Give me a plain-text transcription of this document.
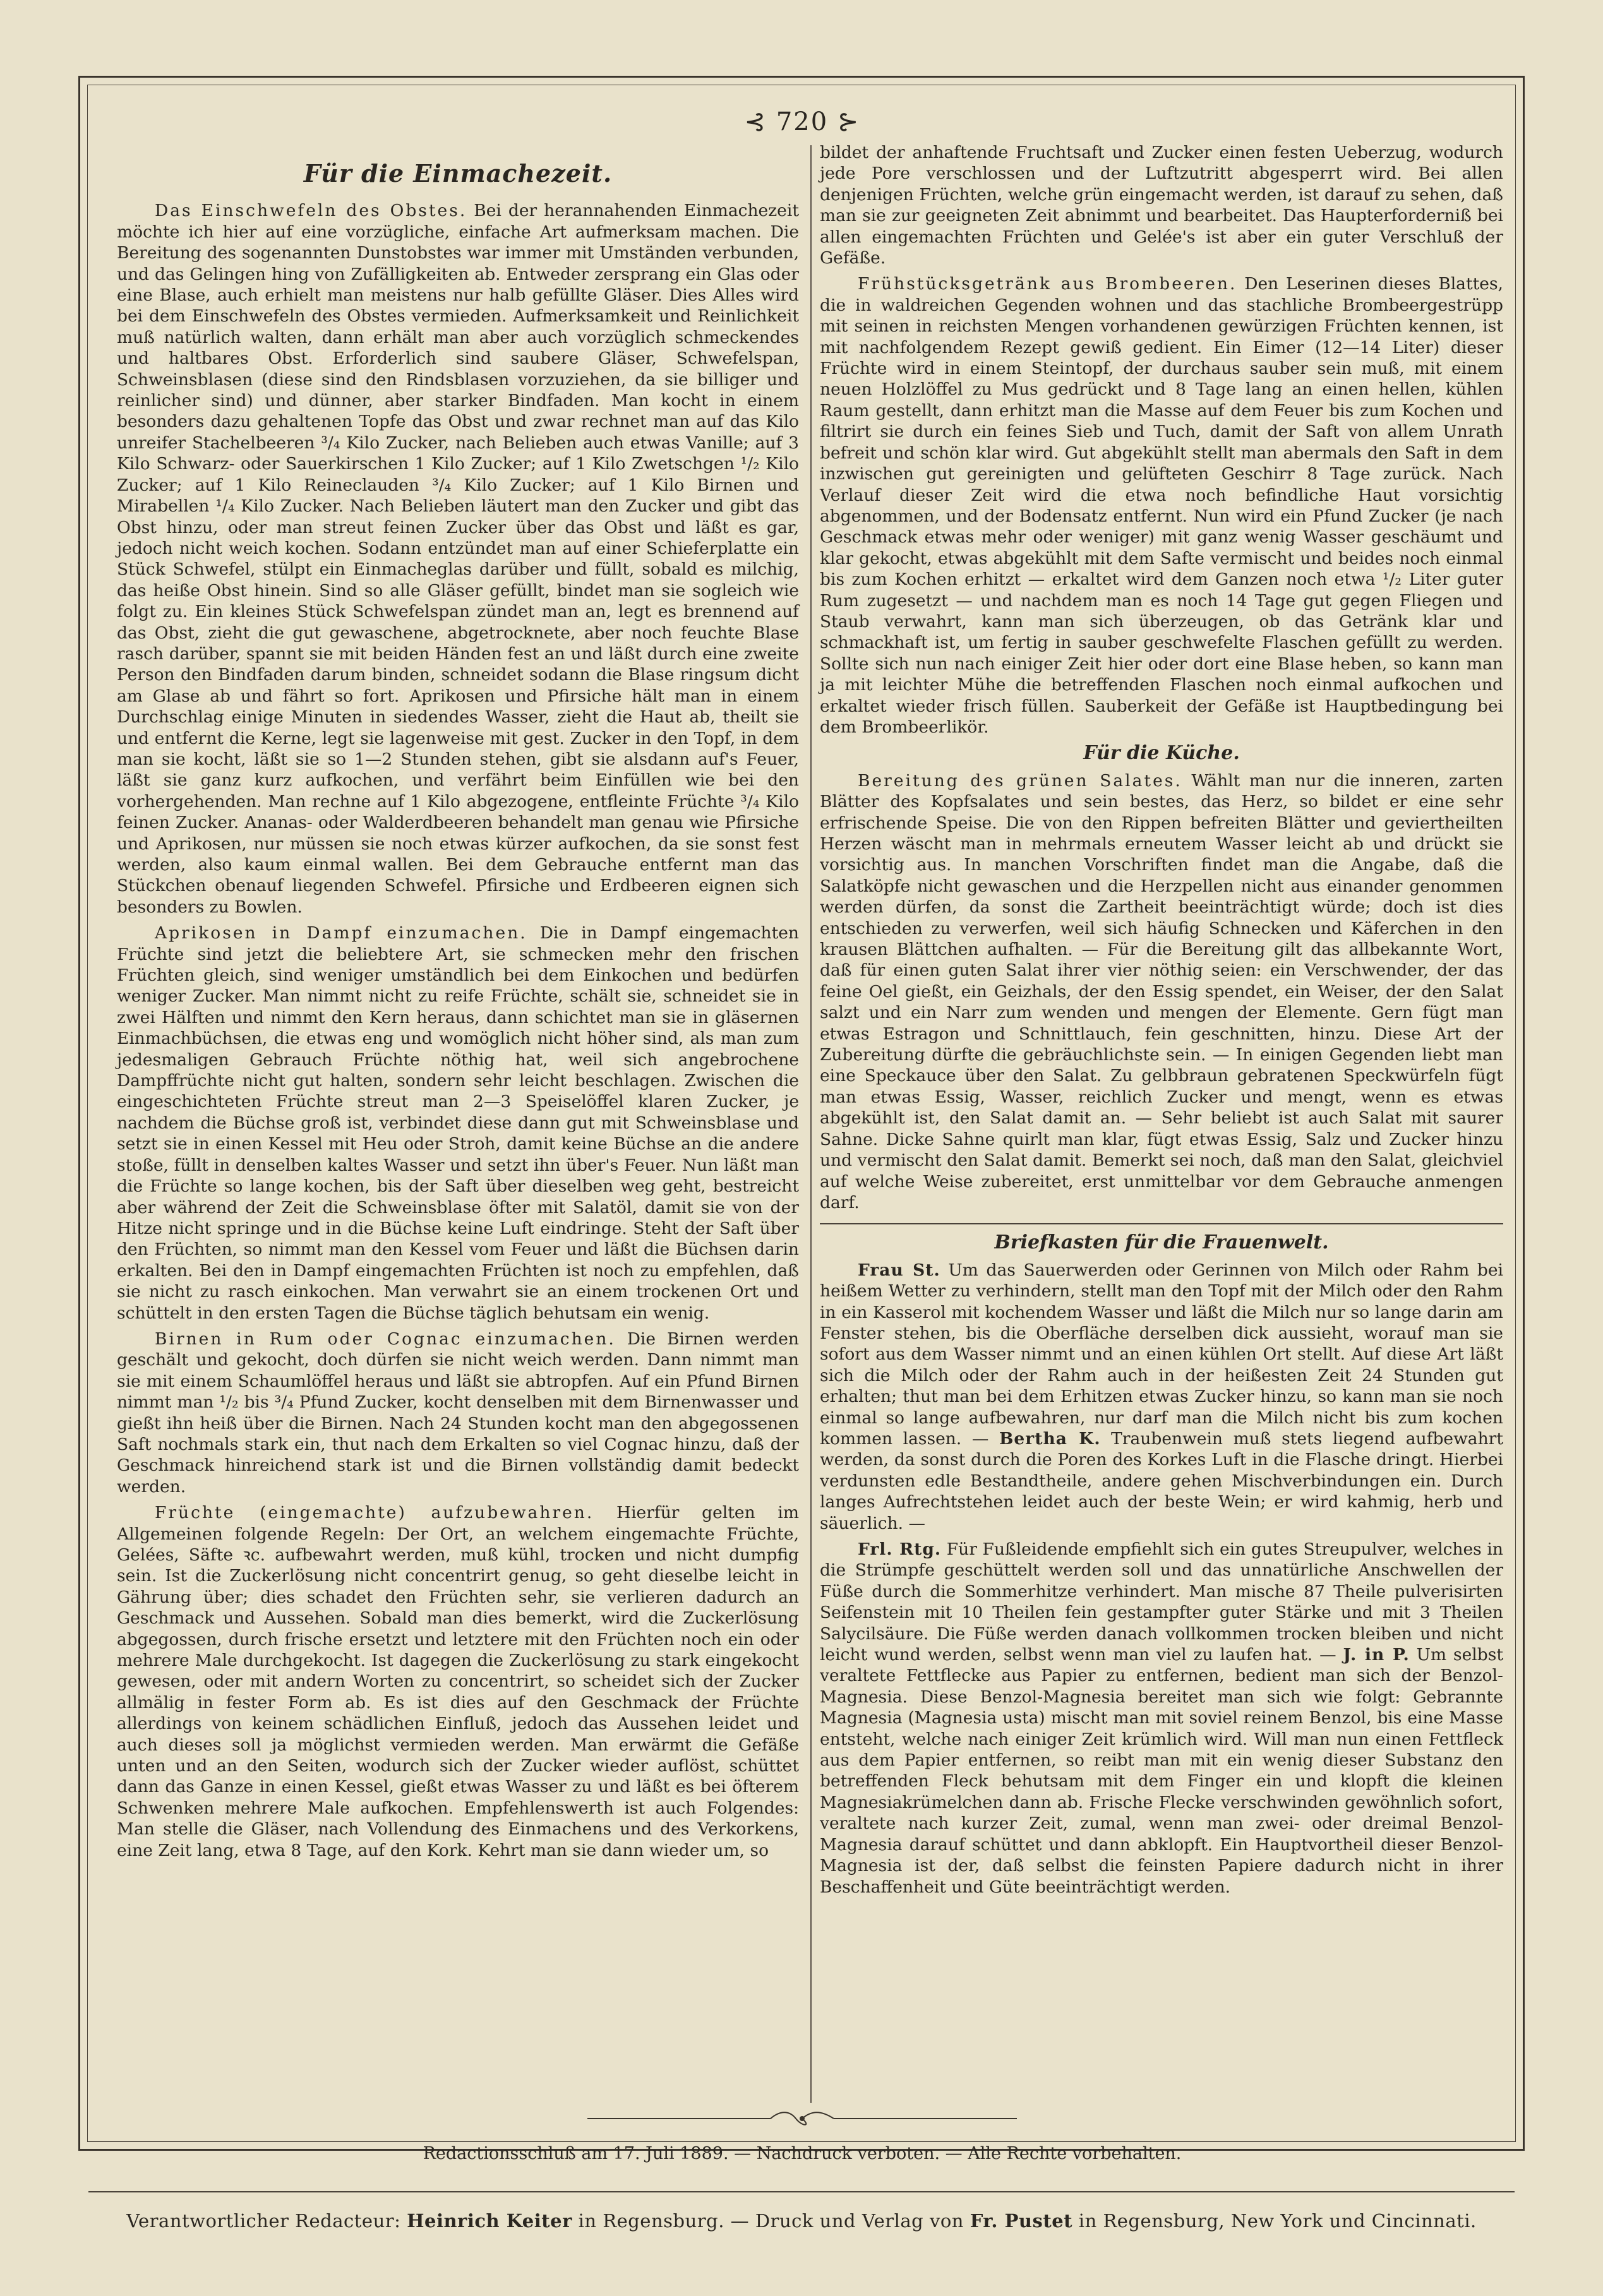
⊰ 720 ⊱
Für die Einmachezeit.

Das Einschwefeln des Obstes. Bei der herannahenden Einmachezeit möchte ich hier auf eine vorzügliche, einfache Art aufmerksam machen. Die Bereitung des sogenannten Dunstobstes war immer mit Umständen verbunden, und das Gelingen hing von Zufälligkeiten ab. Entweder zersprang ein Glas oder eine Blase, auch erhielt man meistens nur halb gefüllte Gläser. Dies Alles wird bei dem Einschwefeln des Obstes vermieden. Aufmerksamkeit und Reinlichkeit muß natürlich walten, dann erhält man aber auch vorzüglich schmeckendes und haltbares Obst. Erforderlich sind saubere Gläser, Schwefelspan, Schweinsblasen (diese sind den Rindsblasen vorzuziehen, da sie billiger und reinlicher sind) und dünner, aber starker Bindfaden. Man kocht in einem besonders dazu gehaltenen Topfe das Obst und zwar rechnet man auf das Kilo unreifer Stachelbeeren ³/₄ Kilo Zucker, nach Belieben auch etwas Vanille; auf 3 Kilo Schwarz- oder Sauerkirschen 1 Kilo Zucker; auf 1 Kilo Zwetschgen ¹/₂ Kilo Zucker; auf 1 Kilo Reineclauden ³/₄ Kilo Zucker; auf 1 Kilo Birnen und Mirabellen ¹/₄ Kilo Zucker. Nach Belieben läutert man den Zucker und gibt das Obst hinzu, oder man streut feinen Zucker über das Obst und läßt es gar, jedoch nicht weich kochen. Sodann entzündet man auf einer Schieferplatte ein Stück Schwefel, stülpt ein Einmacheglas darüber und füllt, sobald es milchig, das heiße Obst hinein. Sind so alle Gläser gefüllt, bindet man sie sogleich wie folgt zu. Ein kleines Stück Schwefelspan zündet man an, legt es brennend auf das Obst, zieht die gut gewaschene, abgetrocknete, aber noch feuchte Blase rasch darüber, spannt sie mit beiden Händen fest an und läßt durch eine zweite Person den Bindfaden darum binden, schneidet sodann die Blase ringsum dicht am Glase ab und fährt so fort. Aprikosen und Pfirsiche hält man in einem Durchschlag einige Minuten in siedendes Wasser, zieht die Haut ab, theilt sie und entfernt die Kerne, legt sie lagenweise mit gest. Zucker in den Topf, in dem man sie kocht, läßt sie so 1—2 Stunden stehen, gibt sie alsdann auf's Feuer, läßt sie ganz kurz aufkochen, und verfährt beim Einfüllen wie bei den vorhergehenden. Man rechne auf 1 Kilo abgezogene, entfleinte Früchte ³/₄ Kilo feinen Zucker. Ananas- oder Walderdbeeren behandelt man genau wie Pfirsiche und Aprikosen, nur müssen sie noch etwas kürzer aufkochen, da sie sonst fest werden, also kaum einmal wallen. Bei dem Gebrauche entfernt man das Stückchen obenauf liegenden Schwefel. Pfirsiche und Erdbeeren eignen sich besonders zu Bowlen.

Aprikosen in Dampf einzumachen. Die in Dampf eingemachten Früchte sind jetzt die beliebtere Art, sie schmecken mehr den frischen Früchten gleich, sind weniger umständlich bei dem Einkochen und bedürfen weniger Zucker. Man nimmt nicht zu reife Früchte, schält sie, schneidet sie in zwei Hälften und nimmt den Kern heraus, dann schichtet man sie in gläsernen Einmachbüchsen, die etwas eng und womöglich nicht höher sind, als man zum jedesmaligen Gebrauch Früchte nöthig hat, weil sich angebrochene Dampffrüchte nicht gut halten, sondern sehr leicht beschlagen. Zwischen die eingeschichteten Früchte streut man 2—3 Speiselöffel klaren Zucker, je nachdem die Büchse groß ist, verbindet diese dann gut mit Schweinsblase und setzt sie in einen Kessel mit Heu oder Stroh, damit keine Büchse an die andere stoße, füllt in denselben kaltes Wasser und setzt ihn über's Feuer. Nun läßt man die Früchte so lange kochen, bis der Saft über dieselben weg geht, bestreicht aber während der Zeit die Schweinsblase öfter mit Salatöl, damit sie von der Hitze nicht springe und in die Büchse keine Luft eindringe. Steht der Saft über den Früchten, so nimmt man den Kessel vom Feuer und läßt die Büchsen darin erkalten. Bei den in Dampf eingemachten Früchten ist noch zu empfehlen, daß sie nicht zu rasch einkochen. Man verwahrt sie an einem trockenen Ort und schüttelt in den ersten Tagen die Büchse täglich behutsam ein wenig.

Birnen in Rum oder Cognac einzumachen. Die Birnen werden geschält und gekocht, doch dürfen sie nicht weich werden. Dann nimmt man sie mit einem Schaumlöffel heraus und läßt sie abtropfen. Auf ein Pfund Birnen nimmt man ¹/₂ bis ³/₄ Pfund Zucker, kocht denselben mit dem Birnenwasser und gießt ihn heiß über die Birnen. Nach 24 Stunden kocht man den abgegossenen Saft nochmals stark ein, thut nach dem Erkalten so viel Cognac hinzu, daß der Geschmack hinreichend stark ist und die Birnen vollständig damit bedeckt werden.

Früchte (eingemachte) aufzubewahren. Hierfür gelten im Allgemeinen folgende Regeln: Der Ort, an welchem eingemachte Früchte, Gelées, Säfte ꝛc. aufbewahrt werden, muß kühl, trocken und nicht dumpfig sein. Ist die Zuckerlösung nicht concentrirt genug, so geht dieselbe leicht in Gährung über; dies schadet den Früchten sehr, sie verlieren dadurch an Geschmack und Aussehen. Sobald man dies bemerkt, wird die Zuckerlösung abgegossen, durch frische ersetzt und letztere mit den Früchten noch ein oder mehrere Male durchgekocht. Ist dagegen die Zuckerlösung zu stark eingekocht gewesen, oder mit andern Worten zu concentrirt, so scheidet sich der Zucker allmälig in fester Form ab. Es ist dies auf den Geschmack der Früchte allerdings von keinem schädlichen Einfluß, jedoch das Aussehen leidet und auch dieses soll ja möglichst vermieden werden. Man erwärmt die Gefäße unten und an den Seiten, wodurch sich der Zucker wieder auflöst, schüttet dann das Ganze in einen Kessel, gießt etwas Wasser zu und läßt es bei öfterem Schwenken mehrere Male aufkochen. Empfehlenswerth ist auch Folgendes: Man stelle die Gläser, nach Vollendung des Einmachens und des Verkorkens, eine Zeit lang, etwa 8 Tage, auf den Kork. Kehrt man sie dann wieder um, so

bildet der anhaftende Fruchtsaft und Zucker einen festen Ueberzug, wodurch jede Pore verschlossen und der Luftzutritt abgesperrt wird. Bei allen denjenigen Früchten, welche grün eingemacht werden, ist darauf zu sehen, daß man sie zur geeigneten Zeit abnimmt und bearbeitet. Das Haupterforderniß bei allen eingemachten Früchten und Gelée's ist aber ein guter Verschluß der Gefäße.

Frühstücksgetränk aus Brombeeren. Den Leserinen dieses Blattes, die in waldreichen Gegenden wohnen und das stachliche Brombeergestrüpp mit seinen in reichsten Mengen vorhandenen gewürzigen Früchten kennen, ist mit nachfolgendem Rezept gewiß gedient. Ein Eimer (12—14 Liter) dieser Früchte wird in einem Steintopf, der durchaus sauber sein muß, mit einem neuen Holzlöffel zu Mus gedrückt und 8 Tage lang an einen hellen, kühlen Raum gestellt, dann erhitzt man die Masse auf dem Feuer bis zum Kochen und filtrirt sie durch ein feines Sieb und Tuch, damit der Saft von allem Unrath befreit und schön klar wird. Gut abgekühlt stellt man abermals den Saft in dem inzwischen gut gereinigten und gelüfteten Geschirr 8 Tage zurück. Nach Verlauf dieser Zeit wird die etwa noch befindliche Haut vorsichtig abgenommen, und der Bodensatz entfernt. Nun wird ein Pfund Zucker (je nach Geschmack etwas mehr oder weniger) mit ganz wenig Wasser geschäumt und klar gekocht, etwas abgekühlt mit dem Safte vermischt und beides noch einmal bis zum Kochen erhitzt — erkaltet wird dem Ganzen noch etwa ¹/₂ Liter guter Rum zugesetzt — und nachdem man es noch 14 Tage gut gegen Fliegen und Staub verwahrt, kann man sich überzeugen, ob das Getränk klar und schmackhaft ist, um fertig in sauber geschwefelte Flaschen gefüllt zu werden. Sollte sich nun nach einiger Zeit hier oder dort eine Blase heben, so kann man ja mit leichter Mühe die betreffenden Flaschen noch einmal aufkochen und erkaltet wieder frisch füllen. Sauberkeit der Gefäße ist Hauptbedingung bei dem Brombeerlikör.

Für die Küche.

Bereitung des grünen Salates. Wählt man nur die inneren, zarten Blätter des Kopfsalates und sein bestes, das Herz, so bildet er eine sehr erfrischende Speise. Die von den Rippen befreiten Blätter und geviertheilten Herzen wäscht man in mehrmals erneutem Wasser leicht ab und drückt sie vorsichtig aus. In manchen Vorschriften findet man die Angabe, daß die Salatköpfe nicht gewaschen und die Herzpellen nicht aus einander genommen werden dürfen, da sonst die Zartheit beeinträchtigt würde; doch ist dies entschieden zu verwerfen, weil sich häufig Schnecken und Käferchen in den krausen Blättchen aufhalten. — Für die Bereitung gilt das allbekannte Wort, daß für einen guten Salat ihrer vier nöthig seien: ein Verschwender, der das feine Oel gießt, ein Geizhals, der den Essig spendet, ein Weiser, der den Salat salzt und ein Narr zum wenden und mengen der Elemente. Gern fügt man etwas Estragon und Schnittlauch, fein geschnitten, hinzu. Diese Art der Zubereitung dürfte die gebräuchlichste sein. — In einigen Gegenden liebt man eine Speckauce über den Salat. Zu gelbbraun gebratenen Speckwürfeln fügt man etwas Essig, Wasser, reichlich Zucker und mengt, wenn es etwas abgekühlt ist, den Salat damit an. — Sehr beliebt ist auch Salat mit saurer Sahne. Dicke Sahne quirlt man klar, fügt etwas Essig, Salz und Zucker hinzu und vermischt den Salat damit. Bemerkt sei noch, daß man den Salat, gleichviel auf welche Weise zubereitet, erst unmittelbar vor dem Gebrauche anmengen darf.

Briefkasten für die Frauenwelt.

Frau St. Um das Sauerwerden oder Gerinnen von Milch oder Rahm bei heißem Wetter zu verhindern, stellt man den Topf mit der Milch oder den Rahm in ein Kasserol mit kochendem Wasser und läßt die Milch nur so lange darin am Fenster stehen, bis die Oberfläche derselben dick aussieht, worauf man sie sofort aus dem Wasser nimmt und an einen kühlen Ort stellt. Auf diese Art läßt sich die Milch oder der Rahm auch in der heißesten Zeit 24 Stunden gut erhalten; thut man bei dem Erhitzen etwas Zucker hinzu, so kann man sie noch einmal so lange aufbewahren, nur darf man die Milch nicht bis zum kochen kommen lassen. — Bertha K. Traubenwein muß stets liegend aufbewahrt werden, da sonst durch die Poren des Korkes Luft in die Flasche dringt. Hierbei verdunsten edle Bestandtheile, andere gehen Mischverbindungen ein. Durch langes Aufrechtstehen leidet auch der beste Wein; er wird kahmig, herb und säuerlich. —

Frl. Rtg. Für Fußleidende empfiehlt sich ein gutes Streupulver, welches in die Strümpfe geschüttelt werden soll und das unnatürliche Anschwellen der Füße durch die Sommerhitze verhindert. Man mische 87 Theile pulverisirten Seifenstein mit 10 Theilen fein gestampfter guter Stärke und mit 3 Theilen Salycilsäure. Die Füße werden danach vollkommen trocken bleiben und nicht leicht wund werden, selbst wenn man viel zu laufen hat. — J. in P. Um selbst veraltete Fettflecke aus Papier zu entfernen, bedient man sich der Benzol-Magnesia. Diese Benzol-Magnesia bereitet man sich wie folgt: Gebrannte Magnesia (Magnesia usta) mischt man mit soviel reinem Benzol, bis eine Masse entsteht, welche nach einiger Zeit krümlich wird. Will man nun einen Fettfleck aus dem Papier entfernen, so reibt man mit ein wenig dieser Substanz den betreffenden Fleck behutsam mit dem Finger ein und klopft die kleinen Magnesiakrümelchen dann ab. Frische Flecke verschwinden gewöhnlich sofort, veraltete nach kurzer Zeit, zumal, wenn man zwei- oder dreimal Benzol-Magnesia darauf schüttet und dann abklopft. Ein Hauptvortheil dieser Benzol-Magnesia ist der, daß selbst die feinsten Papiere dadurch nicht in ihrer Beschaffenheit und Güte beeinträchtigt werden.

Redactionsschluß am 17. Juli 1889. — Nachdruck verboten. — Alle Rechte vorbehalten.
Verantwortlicher Redacteur: Heinrich Keiter in Regensburg. — Druck und Verlag von Fr. Pustet in Regensburg, New York und Cincinnati.
